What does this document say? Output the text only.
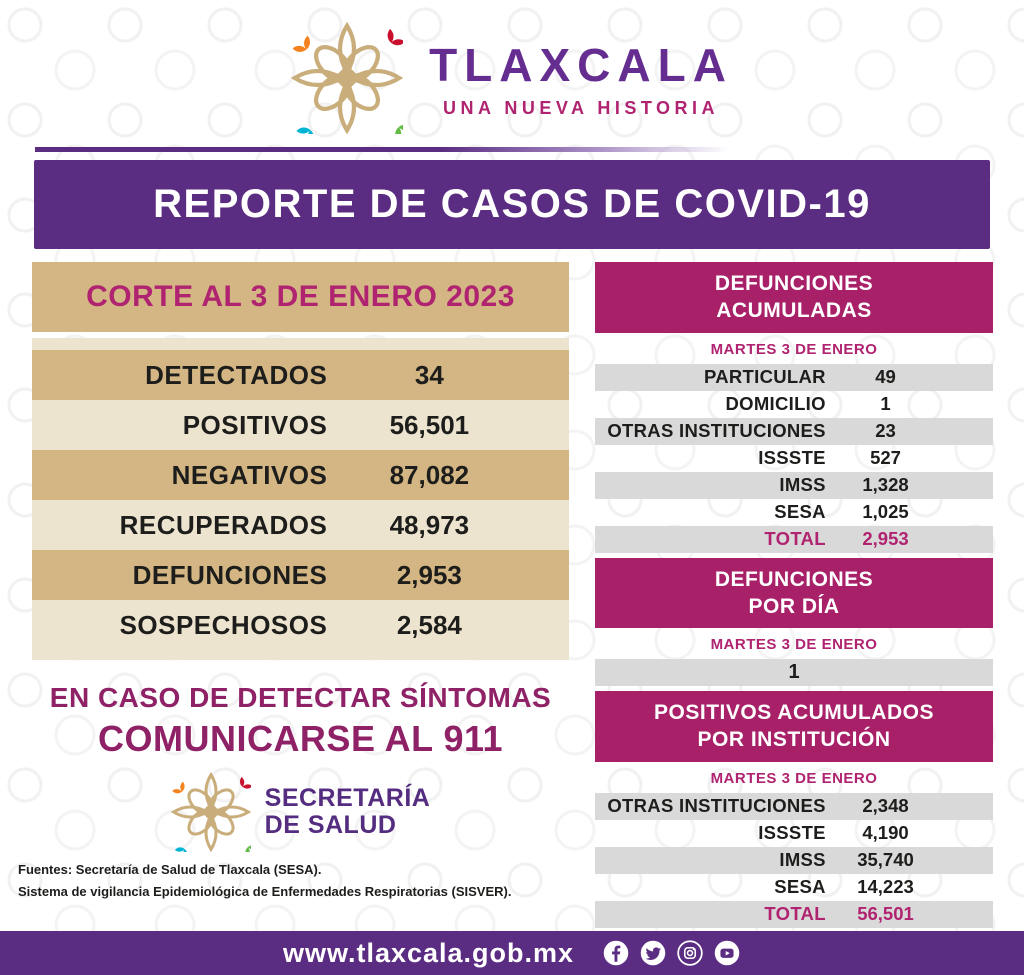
TLAXCALA
UNA NUEVA HISTORIA
REPORTE DE CASOS DE COVID-19
CORTE AL 3 DE ENERO 2023
DETECTADOS	34
POSITIVOS	56,501
NEGATIVOS	87,082
RECUPERADOS	48,973
DEFUNCIONES	2,953
SOSPECHOSOS	2,584
EN CASO DE DETECTAR SÍNTOMAS
COMUNICARSE AL 911
SECRETARÍA
DE SALUD
Fuentes: Secretaría de Salud de Tlaxcala (SESA).
Sistema de vigilancia Epidemiológica de Enfermedades Respiratorias (SISVER).
DEFUNCIONES
ACUMULADAS
MARTES 3 DE ENERO
PARTICULAR	49
DOMICILIO	1
OTRAS INSTITUCIONES	23
ISSSTE	527
IMSS	1,328
SESA	1,025
TOTAL	2,953
DEFUNCIONES
POR DÍA
MARTES 3 DE ENERO
1
POSITIVOS ACUMULADOS
POR INSTITUCIÓN
MARTES 3 DE ENERO
OTRAS INSTITUCIONES	2,348
ISSSTE	4,190
IMSS	35,740
SESA	14,223
TOTAL	56,501
www.tlaxcala.gob.mx
